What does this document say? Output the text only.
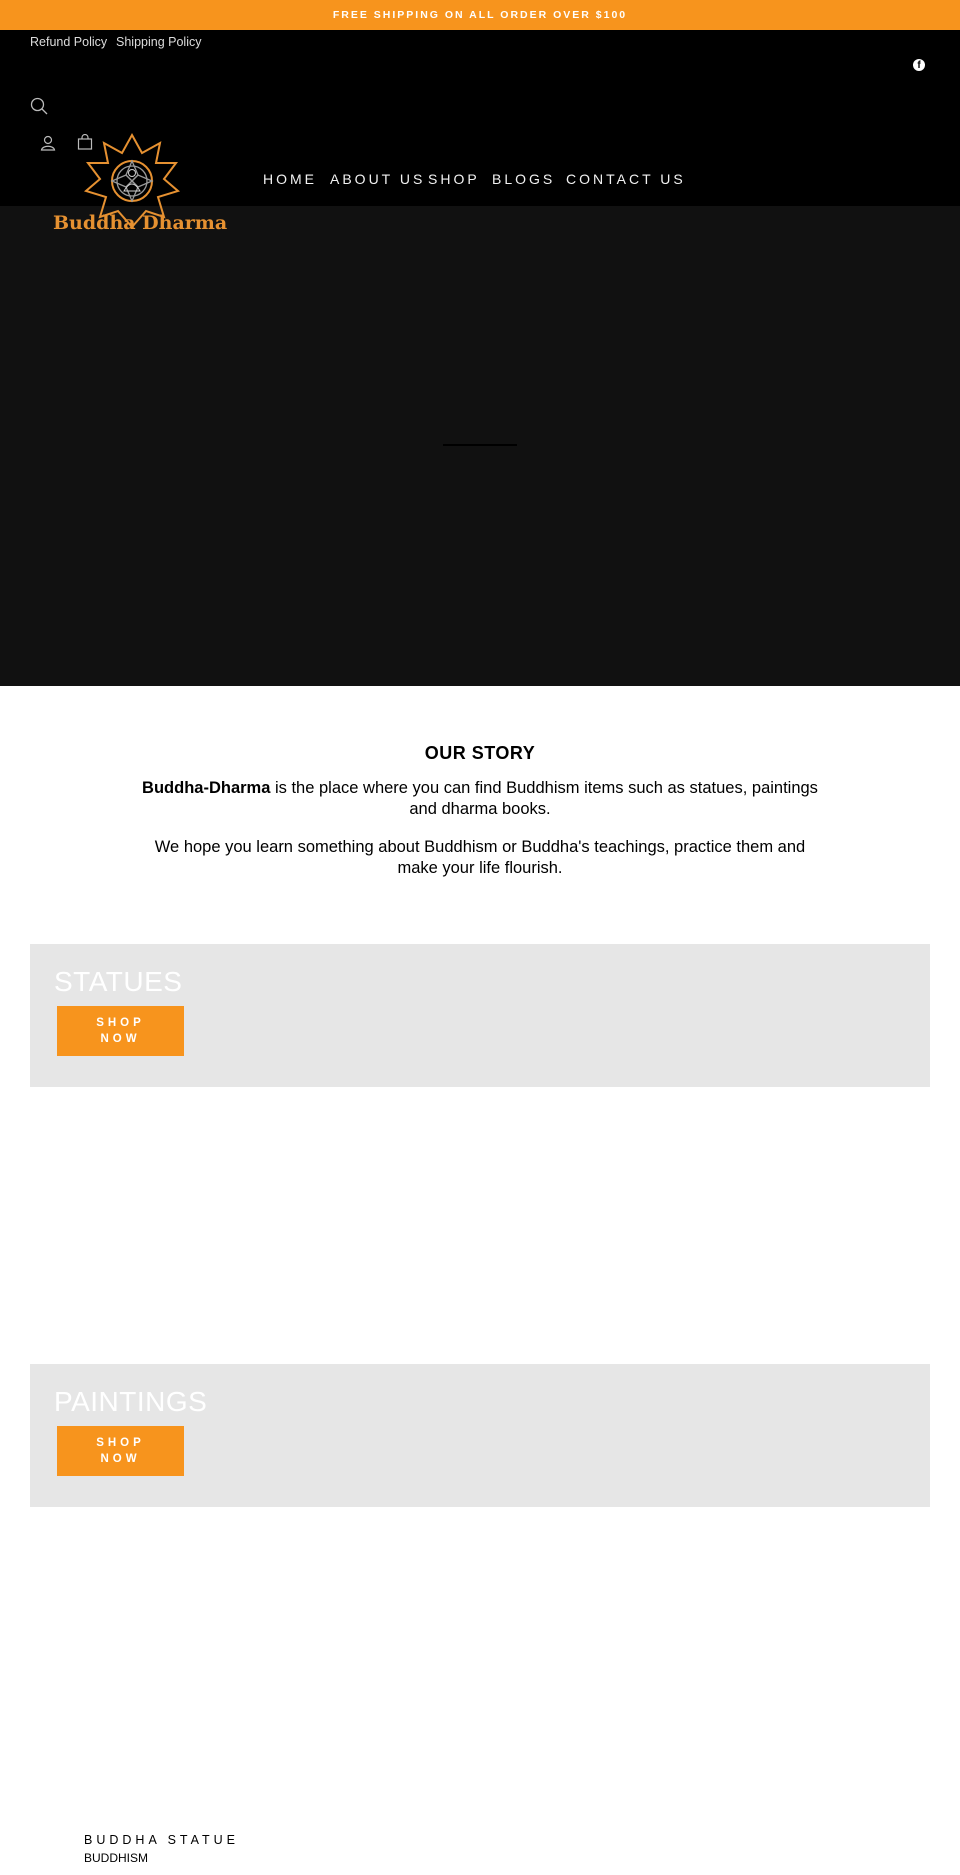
FREE SHIPPING ON ALL ORDER OVER $100
Refund Policy Shipping Policy
f
HOME ABOUT US SHOP BLOGS CONTACT US
Buddha Dharma
OUR STORY

Buddha-Dharma is the place where you can find Buddhism items such as statues, paintings and dharma books.

We hope you learn something about Buddhism or Buddha's teachings, practice them and make your life flourish.

STATUES
SHOP NOW
PAINTINGS
SHOP NOW
BUDDHA STATUE
BUDDHISM
